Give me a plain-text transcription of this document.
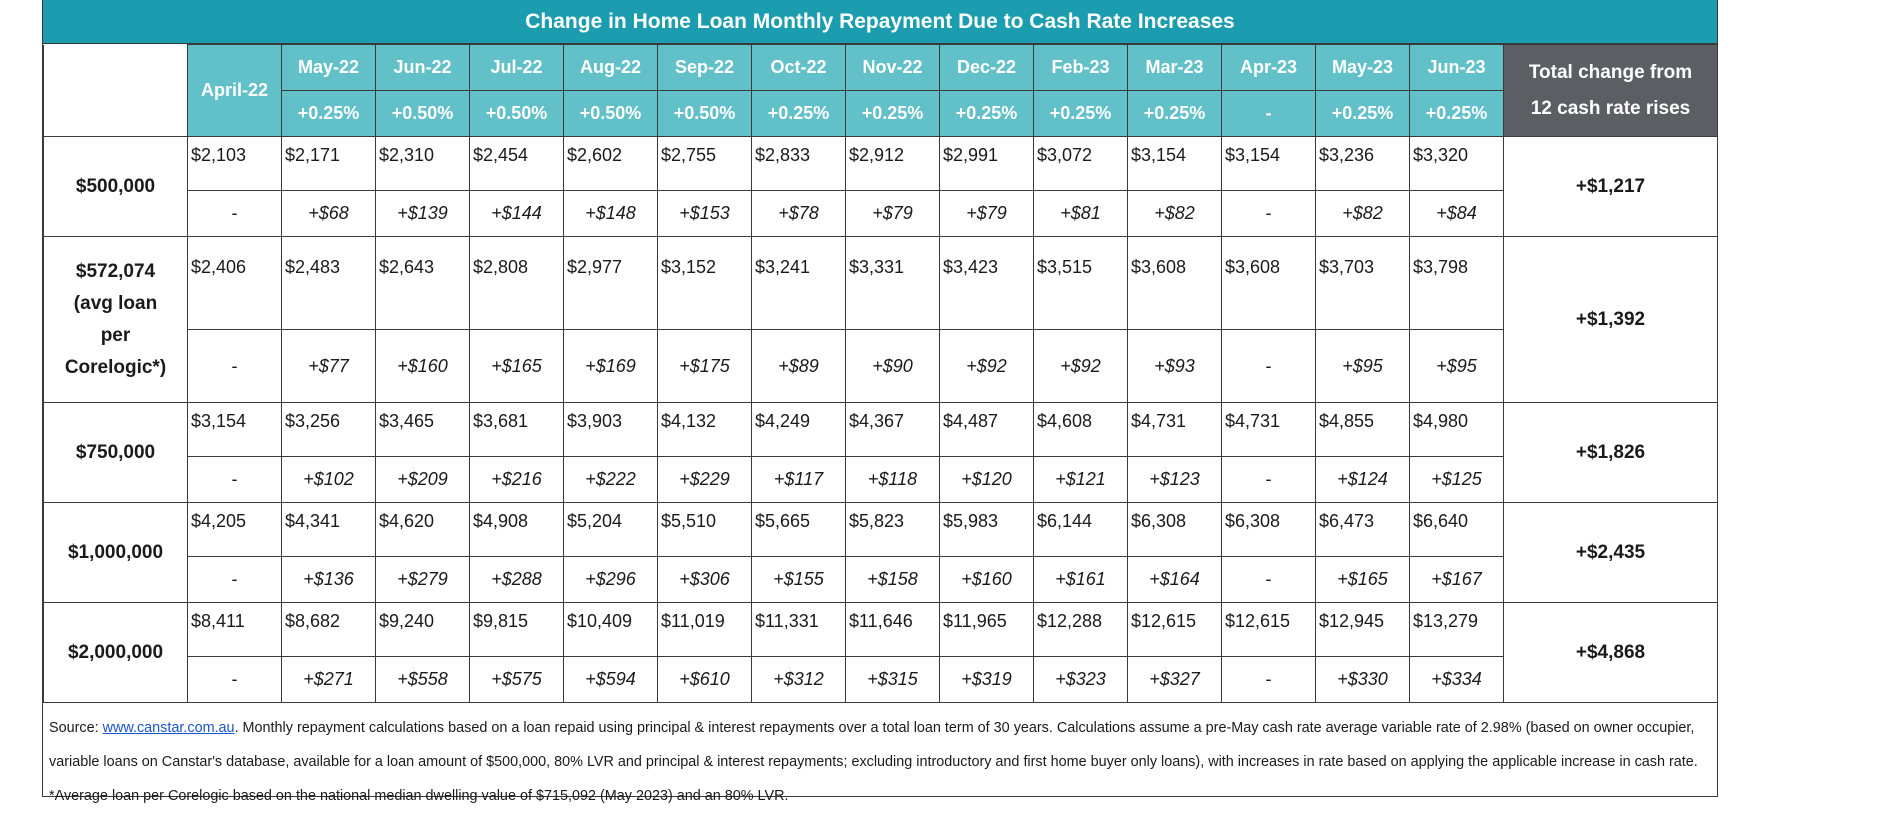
Change in Home Loan Monthly Repayment Due to Cash Rate Increases
	April-22	May-22	Jun-22	Jul-22	Aug-22	Sep-22	Oct-22	Nov-22	Dec-22	Feb-23	Mar-23	Apr-23	May-23	Jun-23	Total change from
12 cash rate rises

		+0.25%	+0.50%	+0.50%	+0.50%	+0.50%	+0.25%	+0.25%	+0.25%	+0.25%	+0.25%	-	+0.25%	+0.25%	

$500,000	$2,103	$2,171	$2,310	$2,454	$2,602	$2,755	$2,833	$2,912	$2,991	$3,072	$3,154	$3,154	$3,236	$3,320	+$1,217
	-	+$68	+$139	+$144	+$148	+$153	+$78	+$79	+$79	+$81	+$82	-	+$82	+$84	

$572,074
(avg loan
per
Corelogic*)	$2,406	$2,483	$2,643	$2,808	$2,977	$3,152	$3,241	$3,331	$3,423	$3,515	$3,608	$3,608	$3,703	$3,798	+$1,392
	-	+$77	+$160	+$165	+$169	+$175	+$89	+$90	+$92	+$92	+$93	-	+$95	+$95	

$750,000	$3,154	$3,256	$3,465	$3,681	$3,903	$4,132	$4,249	$4,367	$4,487	$4,608	$4,731	$4,731	$4,855	$4,980	+$1,826
	-	+$102	+$209	+$216	+$222	+$229	+$117	+$118	+$120	+$121	+$123	-	+$124	+$125	

$1,000,000	$4,205	$4,341	$4,620	$4,908	$5,204	$5,510	$5,665	$5,823	$5,983	$6,144	$6,308	$6,308	$6,473	$6,640	+$2,435
	-	+$136	+$279	+$288	+$296	+$306	+$155	+$158	+$160	+$161	+$164	-	+$165	+$167	

$2,000,000	$8,411	$8,682	$9,240	$9,815	$10,409	$11,019	$11,331	$11,646	$11,965	$12,288	$12,615	$12,615	$12,945	$13,279	+$4,868
	-	+$271	+$558	+$575	+$594	+$610	+$312	+$315	+$319	+$323	+$327	-	+$330	+$334	
Source: www.canstar.com.au. Monthly repayment calculations based on a loan repaid using principal & interest repayments over a total loan term of 30 years. Calculations assume a pre-May cash rate average variable rate of 2.98% (based on owner occupier, variable loans on Canstar's database, available for a loan amount of $500,000, 80% LVR and principal & interest repayments; excluding introductory and first home buyer only loans), with increases in rate based on applying the applicable increase in cash rate. *Average loan per Corelogic based on the national median dwelling value of $715,092 (May 2023) and an 80% LVR.
